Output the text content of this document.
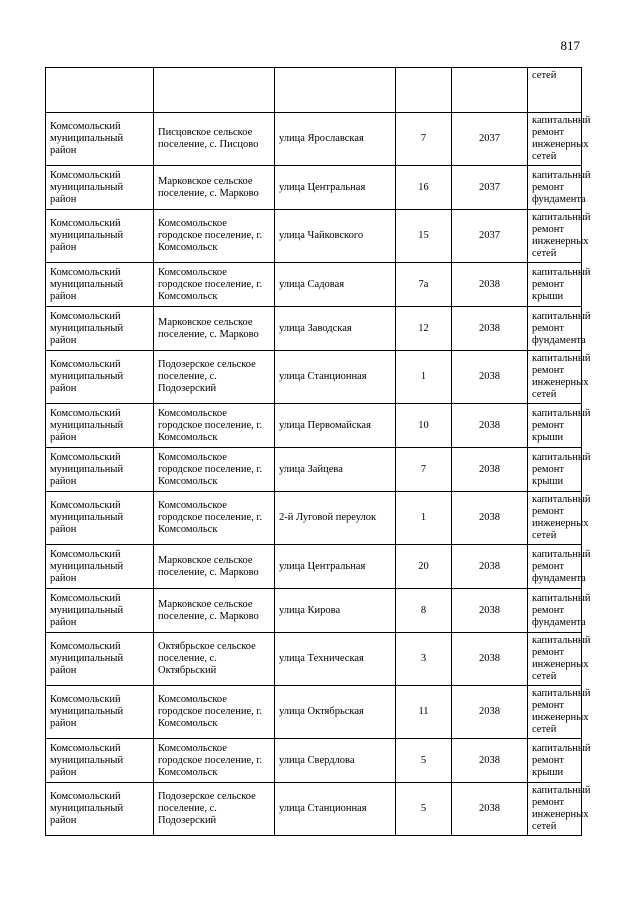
817
					сетей
Комсомольский муниципальный район	Писцовское сельское поселение, с. Писцово	улица Ярославская	7	2037	капитальный ремонт инженерных сетей
Комсомольский муниципальный район	Марковское сельское поселение, с. Марково	улица Центральная	16	2037	капитальный ремонт фундамента
Комсомольский муниципальный район	Комсомольское городское поселение, г. Комсомольск	улица Чайковского	15	2037	капитальный ремонт инженерных сетей
Комсомольский муниципальный район	Комсомольское городское поселение, г. Комсомольск	улица Садовая	7а	2038	капитальный ремонт крыши
Комсомольский муниципальный район	Марковское сельское поселение, с. Марково	улица Заводская	12	2038	капитальный ремонт фундамента
Комсомольский муниципальный район	Подозерское сельское поселение, с. Подозерский	улица Станционная	1	2038	капитальный ремонт инженерных сетей
Комсомольский муниципальный район	Комсомольское городское поселение, г. Комсомольск	улица Первомайская	10	2038	капитальный ремонт крыши
Комсомольский муниципальный район	Комсомольское городское поселение, г. Комсомольск	улица Зайцева	7	2038	капитальный ремонт крыши
Комсомольский муниципальный район	Комсомольское городское поселение, г. Комсомольск	2-й Луговой переулок	1	2038	капитальный ремонт инженерных сетей
Комсомольский муниципальный район	Марковское сельское поселение, с. Марково	улица Центральная	20	2038	капитальный ремонт фундамента
Комсомольский муниципальный район	Марковское сельское поселение, с. Марково	улица Кирова	8	2038	капитальный ремонт фундамента
Комсомольский муниципальный район	Октябрьское сельское поселение, с. Октябрьский	улица Техническая	3	2038	капитальный ремонт инженерных сетей
Комсомольский муниципальный район	Комсомольское городское поселение, г. Комсомольск	улица Октябрьская	11	2038	капитальный ремонт инженерных сетей
Комсомольский муниципальный район	Комсомольское городское поселение, г. Комсомольск	улица Свердлова	5	2038	капитальный ремонт крыши
Комсомольский муниципальный район	Подозерское сельское поселение, с. Подозерский	улица Станционная	5	2038	капитальный ремонт инженерных сетей
